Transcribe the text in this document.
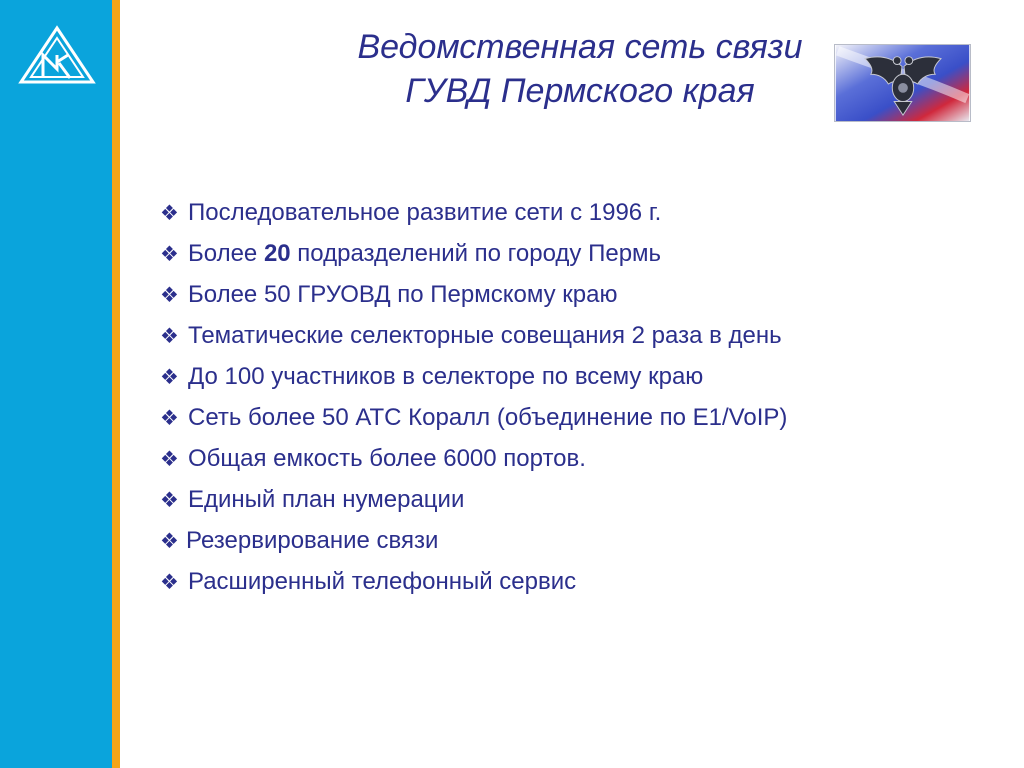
Ведомственная сеть связи
ГУВД Пермского края
❖ Последовательное развитие сети с 1996 г.
❖ Более 20 подразделений по городу Пермь
❖ Более 50 ГРУОВД по Пермскому краю
❖ Тематические селекторные совещания 2 раза в день
❖ До 100 участников в селекторе по всему краю
❖ Сеть более 50 АТС Коралл (объединение по Е1/VoIP)
❖ Общая емкость более 6000 портов.
❖ Единый план нумерации
❖ Резервирование связи
❖ Расширенный телефонный сервис
